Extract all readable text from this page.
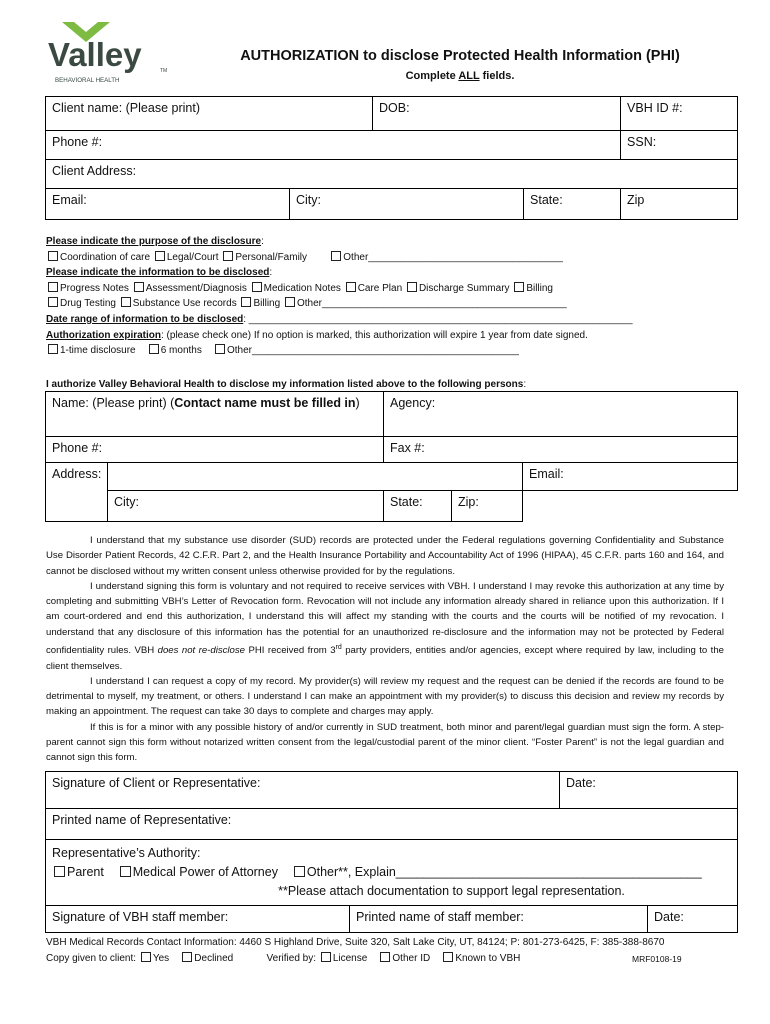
Valley	TM
BEHAVIORAL HEALTH
AUTHORIZATION to disclose Protected Health Information (PHI)
Complete ALL fields.
Client name: (Please print)		DOB:		VBH ID #:
Phone #:				SSN:
Client Address:				
Email:	City:		State:	Zip
Please indicate the purpose of the disclosure:
Coordination of care Legal/Court Personal/Family	Other___________________________________
Please indicate the information to be disclosed:
Progress Notes Assessment/Diagnosis Medication Notes Care Plan Discharge Summary Billing
Drug Testing Substance Use records Billing Other____________________________________________
Date range of information to be disclosed: _____________________________________________________________________
Authorization expiration: (please check one) If no option is marked, this authorization will expire 1 year from date signed.
1-time disclosure	6 months	Other________________________________________________
I authorize Valley Behavioral Health to disclose my information listed above to the following persons:
Name: (Please print) (Contact name must be filled in)		Agency:		
Phone #:		Fax #:		
Address:				Email:
	City:	State:	Zip:	

I understand that my substance use disorder (SUD) records are protected under the Federal regulations governing Confidentiality and Substance Use Disorder Patient Records, 42 C.F.R. Part 2, and the Health Insurance Portability and Accountability Act of 1996 (HIPAA), 45 C.F.R. parts 160 and 164, and cannot be disclosed without my written consent unless otherwise provided for by the regulations.

I understand signing this form is voluntary and not required to receive services with VBH. I understand I may revoke this authorization at any time by completing and submitting VBH’s Letter of Revocation form. Revocation will not include any information already shared in reliance upon this authorization. If I am court-ordered and end this authorization, I understand this will affect my standing with the courts and the courts will be notified of my revocation. I understand that any disclosure of this information has the potential for an unauthorized re-disclosure and the information may not be protected by Federal confidentiality rules. VBH does not re-disclose PHI received from 3rd party providers, entities and/or agencies, except where required by law, including to the client themselves.

I understand I can request a copy of my record. My provider(s) will review my request and the request can be denied if the records are found to be detrimental to myself, my treatment, or others. I understand I can make an appointment with my provider(s) to discuss this decision and review my records by making an appointment. The request can take 30 days to complete and charges may apply.

If this is for a minor with any possible history of and/or currently in SUD treatment, both minor and parent/legal guardian must sign the form. A step-parent cannot sign this form without notarized written consent from the legal/custodial parent of the minor client. “Foster Parent” is not the legal guardian and cannot sign this form.

Signature of Client or Representative:		Date:	
Printed name of Representative:			

Representative’s Authority:
Parent Medical Power of Attorney Other**, Explain____________________________________________
**Please attach documentation to support legal representation.			

Signature of VBH staff member:	Printed name of staff member:		Date:
VBH Medical Records Contact Information: 4460 S Highland Drive, Suite 320, Salt Lake City, UT, 84124; P: 801-273-6425, F: 385-388-8670
Copy given to client: Yes	Declined	Verified by: License	Other ID	Known to VBH	MRF0108-19
